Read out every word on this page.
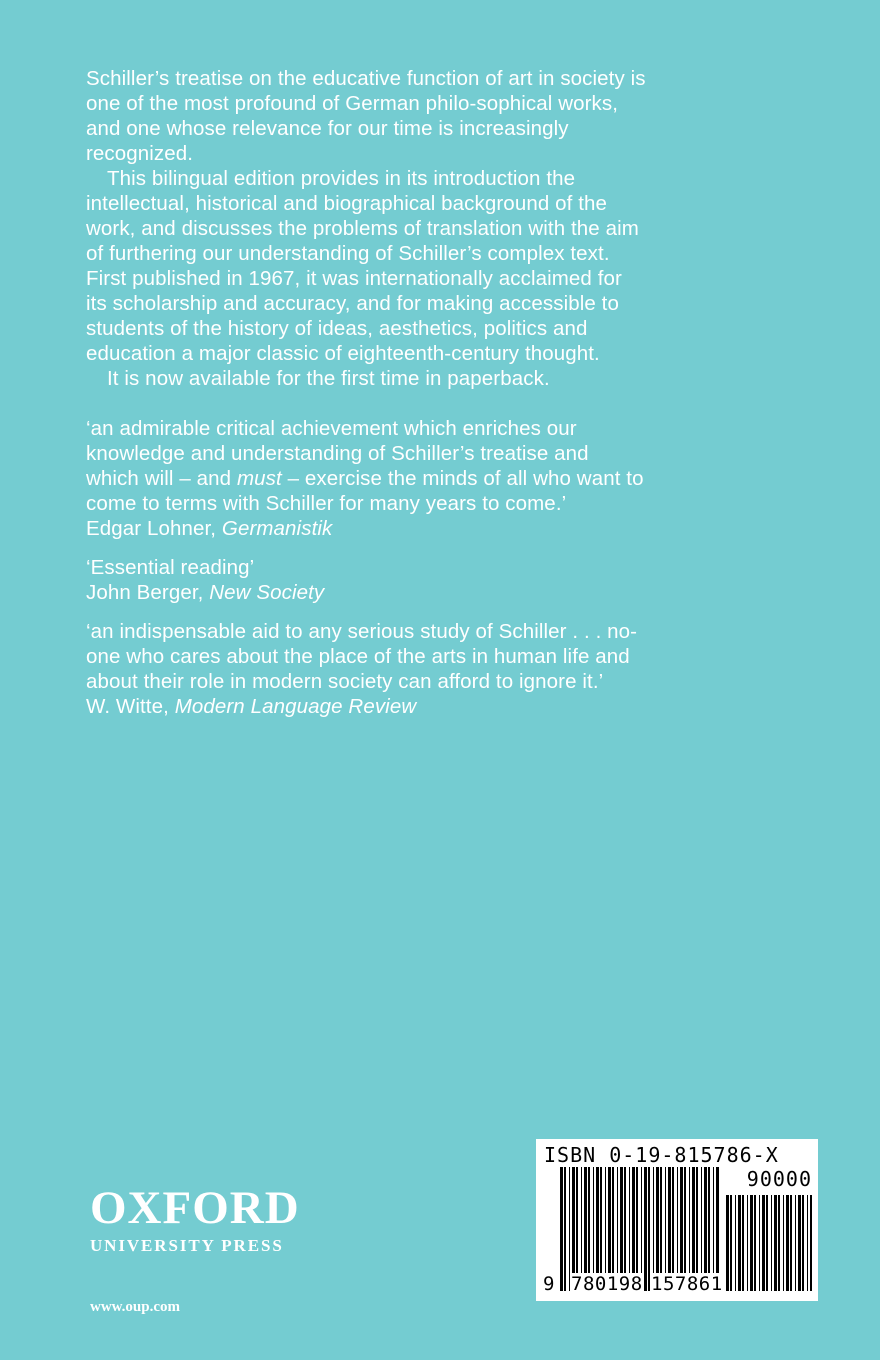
Schiller’s treatise on the educative function of art in society is one of the most profound of German philo-sophical works, and one whose relevance for our time is increasingly recognized.

This bilingual edition provides in its introduction the intellectual, historical and biographical background of the work, and discusses the problems of translation with the aim of furthering our understanding of Schiller’s complex text. First published in 1967, it was internationally acclaimed for its scholarship and accuracy, and for making accessible to students of the history of ideas, aesthetics, politics and education a major classic of eighteenth-century thought.

It is now available for the first time in paperback.

‘an admirable critical achievement which enriches our knowledge and understanding of Schiller’s treatise and which will – and must – exercise the minds of all who want to come to terms with Schiller for many years to come.’
Edgar Lohner, Germanistik
‘Essential reading’
John Berger, New Society
‘an indispensable aid to any serious study of Schiller . . . no-one who cares about the place of the arts in human life and about their role in modern society can afford to ignore it.’
W. Witte, Modern Language Review
OXFORD
UNIVERSITY PRESS
www.oup.com
ISBN 0-19-815786-X
90000
9 780198 157861
